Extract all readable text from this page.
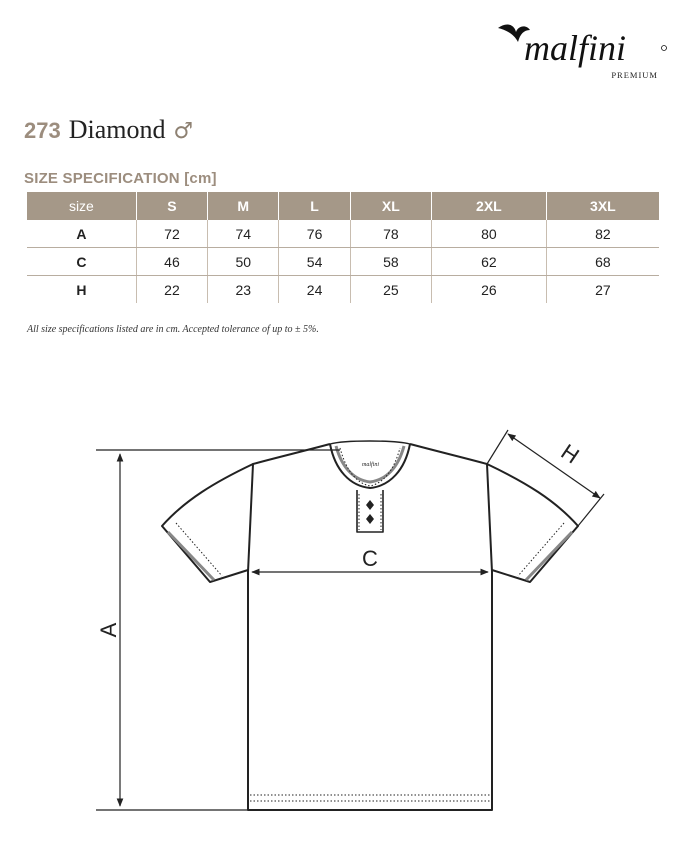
malfini
PREMIUM
273 Diamond ♂
SIZE SPECIFICATION [cm]
size	S	M	L	XL	2XL	3XL
A	72	74	76	78	80	82
C	46	50	54	58	62	68
H	22	23	24	25	26	27
All size specifications listed are in cm. Accepted tolerance of up to ± 5%.
malfini
A
C
H
